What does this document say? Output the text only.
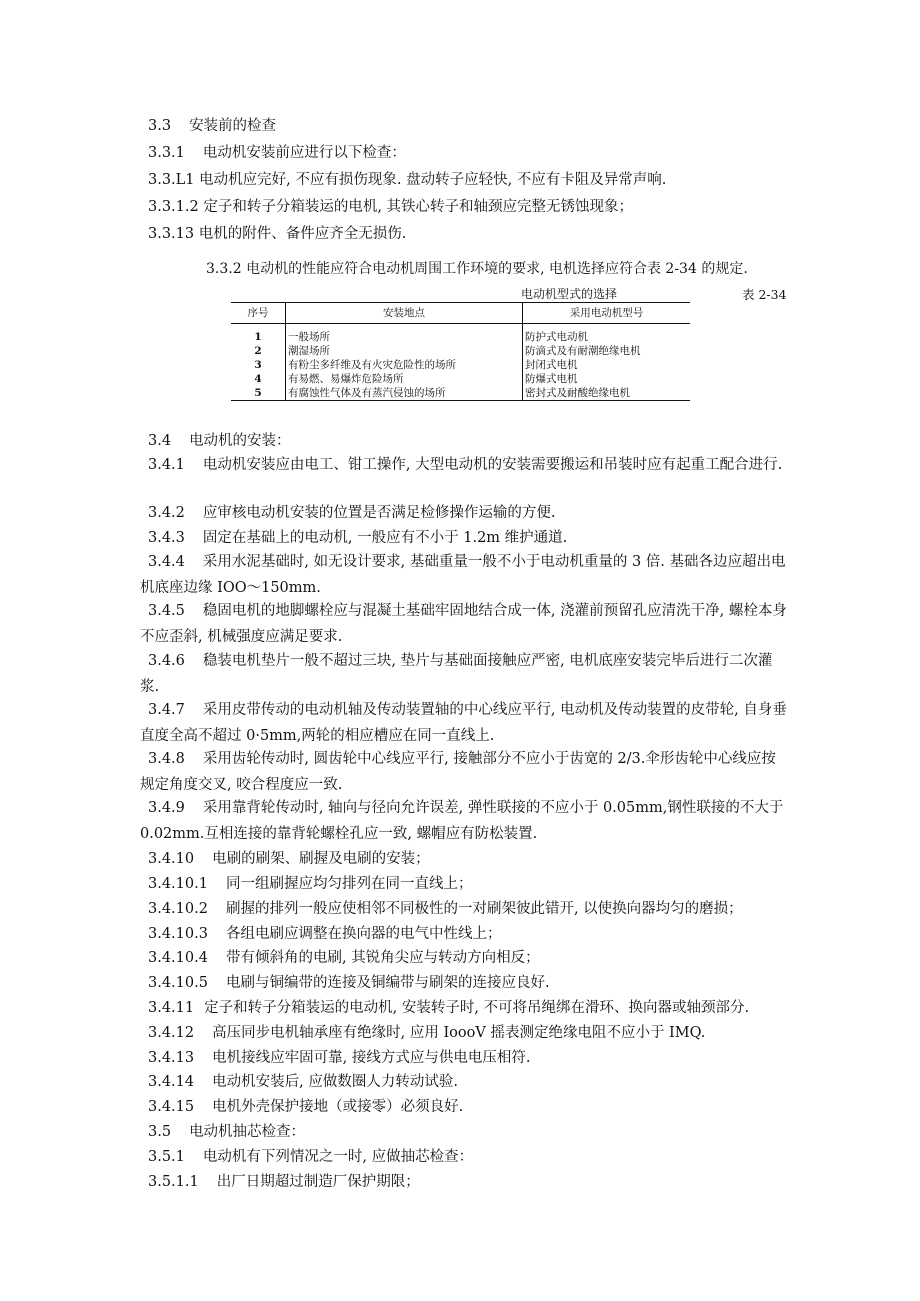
3.3 安装前的检查
3.3.1 电动机安装前应进行以下检查：
3.3.L1 电动机应完好, 不应有损伤现象. 盘动转子应轻快, 不应有卡阻及异常声响.
3.3.1.2 定子和转子分箱装运的电机, 其铁心转子和轴颈应完整无锈蚀现象；
3.3.13 电机的附件、备件应齐全无损伤.
3.3.2 电动机的性能应符合电动机周围工作环境的要求, 电机选择应符合表 2-34 的规定.
电动机型式的选择	表 2-34
序号	安装地点	采用电动机型号

1	一般场所	防护式电动机
2	潮湿场所	防滴式及有耐潮绝缘电机
3	有粉尘多纤维及有火灾危险性的场所	封闭式电机
4	有易燃、易爆炸危险场所	防爆式电机
5	有腐蚀性气体及有蒸汽侵蚀的场所	密封式及耐酸绝缘电机
3.4 电动机的安装：
3.4.1 电动机安装应由电工、钳工操作, 大型电动机的安装需要搬运和吊装时应有起重工配合进行.
3.4.2 应审核电动机安装的位置是否满足检修操作运输的方便.
3.4.3 固定在基础上的电动机, 一般应有不小于 1.2m 维护通道.
3.4.4 采用水泥基础时, 如无设计要求, 基础重量一般不小于电动机重量的 3 倍. 基础各边应超出电机底座边缘 IOO～150mm.
3.4.5 稳固电机的地脚螺栓应与混凝土基础牢固地结合成一体, 浇灌前预留孔应清洗干净, 螺栓本身不应歪斜, 机械强度应满足要求.
3.4.6 稳装电机垫片一般不超过三块, 垫片与基础面接触应严密, 电机底座安装完毕后进行二次灌浆.
3.4.7 采用皮带传动的电动机轴及传动装置轴的中心线应平行, 电动机及传动装置的皮带轮, 自身垂直度全高不超过 0·5mm,两轮的相应槽应在同一直线上.
3.4.8 采用齿轮传动时, 圆齿轮中心线应平行, 接触部分不应小于齿宽的 2/3.伞形齿轮中心线应按规定角度交叉, 咬合程度应一致.
3.4.9 采用靠背轮传动时, 轴向与径向允许误差, 弹性联接的不应小于 0.05mm,钢性联接的不大于 0.02mm.互相连接的靠背轮螺栓孔应一致, 螺帽应有防松装置.
3.4.10 电刷的刷架、刷握及电刷的安装；
3.4.10.1 同一组刷握应均匀排列在同一直线上；
3.4.10.2 刷握的排列一般应使相邻不同极性的一对刷架彼此错开, 以使换向器均匀的磨损；
3.4.10.3 各组电刷应调整在换向器的电气中性线上；
3.4.10.4 带有倾斜角的电刷, 其锐角尖应与转动方向相反；
3.4.10.5 电刷与铜编带的连接及铜编带与刷架的连接应良好.
3.4.11 定子和转子分箱装运的电动机, 安装转子时, 不可将吊绳绑在滑环、换向器或轴颈部分.
3.4.12 高压同步电机轴承座有绝缘时, 应用 IoooV 摇表测定绝缘电阻不应小于 IMQ.
3.4.13 电机接线应牢固可靠, 接线方式应与供电电压相符.
3.4.14 电动机安装后, 应做数圈人力转动试验.
3.4.15 电机外壳保护接地（或接零）必须良好.
3.5 电动机抽芯检查：
3.5.1 电动机有下列情况之一时, 应做抽芯检查：
3.5.1.1 出厂日期超过制造厂保护期限；
